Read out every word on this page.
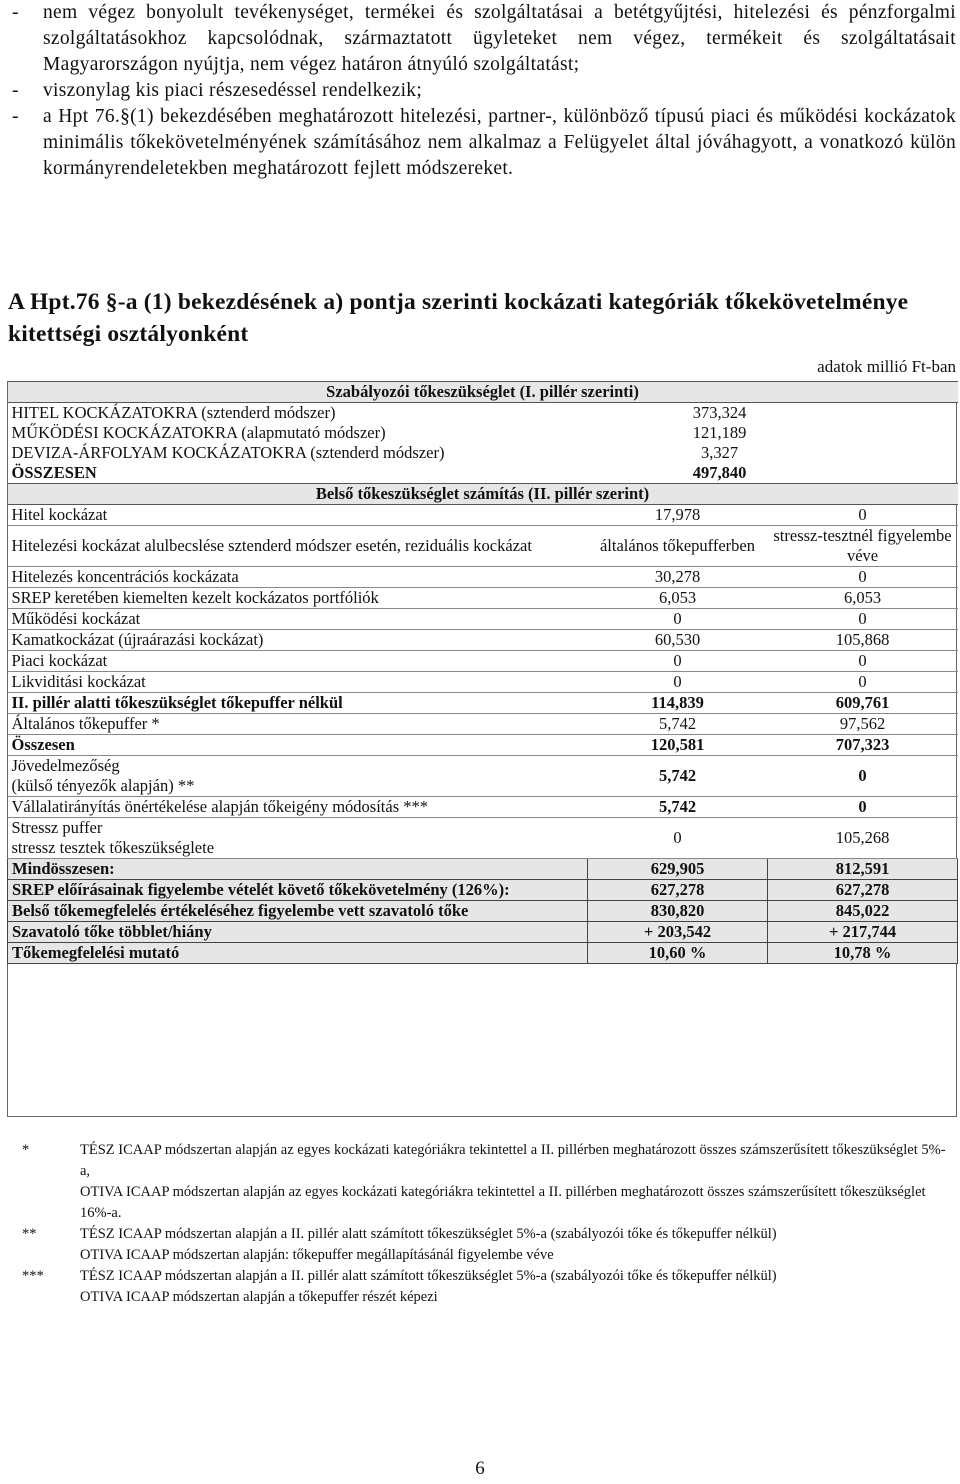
-	nem végez bonyolult tevékenységet, termékei és szolgáltatásai a betétgyűjtési, hitelezési és pénzforgalmi szolgáltatásokhoz kapcsolódnak, származtatott ügyleteket nem végez, termékeit és szolgáltatásait Magyarországon nyújtja, nem végez határon átnyúló szolgáltatást;
-	viszonylag kis piaci részesedéssel rendelkezik;
-	a Hpt 76.§(1) bekezdésében meghatározott hitelezési, partner-, különböző típusú piaci és működési kockázatok minimális tőkekövetelményének számításához nem alkalmaz a Felügyelet által jóváhagyott, a vonatkozó külön kormányrendeletekben meghatározott fejlett módszereket.
A Hpt.76 §-a (1) bekezdésének a) pontja szerinti kockázati kategóriák tőkekövetelménye kitettségi osztályonként
adatok millió Ft-ban
Szabályozói tőkeszükséglet (I. pillér szerinti)		
HITEL KOCKÁZATOKRA (sztenderd módszer)	373,324	
MŰKÖDÉSI KOCKÁZATOKRA (alapmutató módszer)	121,189	
DEVIZA-ÁRFOLYAM KOCKÁZATOKRA (sztenderd módszer)	3,327	
ÖSSZESEN	497,840	
Belső tőkeszükséglet számítás (II. pillér szerint)		
Hitel kockázat	17,978	0
Hitelezési kockázat alulbecslése sztenderd módszer esetén, reziduális kockázat	általános tőkepufferben	stressz-tesztnél figyelembe véve
Hitelezés koncentrációs kockázata	30,278	0
SREP keretében kiemelten kezelt kockázatos portfóliók	6,053	6,053
Működési kockázat	0	0
Kamatkockázat (újraárazási kockázat)	60,530	105,868
Piaci kockázat	0	0
Likviditási kockázat	0	0
II. pillér alatti tőkeszükséglet tőkepuffer nélkül	114,839	609,761
Általános tőkepuffer *	5,742	97,562
Összesen	120,581	707,323

Jövedelmezőség
(külső tényezők alapján) **	5,742	0
Vállalatirányítás önértékelése alapján tőkeigény módosítás ***	5,742	0

Stressz puffer
stressz tesztek tőkeszükséglete	0	105,268
Mindösszesen:	629,905	812,591
SREP előírásainak figyelembe vételét követő tőkekövetelmény (126%):	627,278	627,278
Belső tőkemegfelelés értékeléséhez figyelembe vett szavatoló tőke	830,820	845,022
Szavatoló tőke többlet/hiány	+ 203,542	+ 217,744
Tőkemegfelelési mutató	10,60 %	10,78 %
*	TÉSZ ICAAP módszertan alapján az egyes kockázati kategóriákra tekintettel a II. pillérben meghatározott összes számszerűsített tőkeszükséglet 5%-a,
OTIVA ICAAP módszertan alapján az egyes kockázati kategóriákra tekintettel a II. pillérben meghatározott összes számszerűsített tőkeszükséglet 16%-a.
**	TÉSZ ICAAP módszertan alapján a II. pillér alatt számított tőkeszükséglet 5%-a (szabályozói tőke és tőkepuffer nélkül)
OTIVA ICAAP módszertan alapján: tőkepuffer megállapításánál figyelembe véve
***	TÉSZ ICAAP módszertan alapján a II. pillér alatt számított tőkeszükséglet 5%-a (szabályozói tőke és tőkepuffer nélkül)
OTIVA ICAAP módszertan alapján a tőkepuffer részét képezi
6
